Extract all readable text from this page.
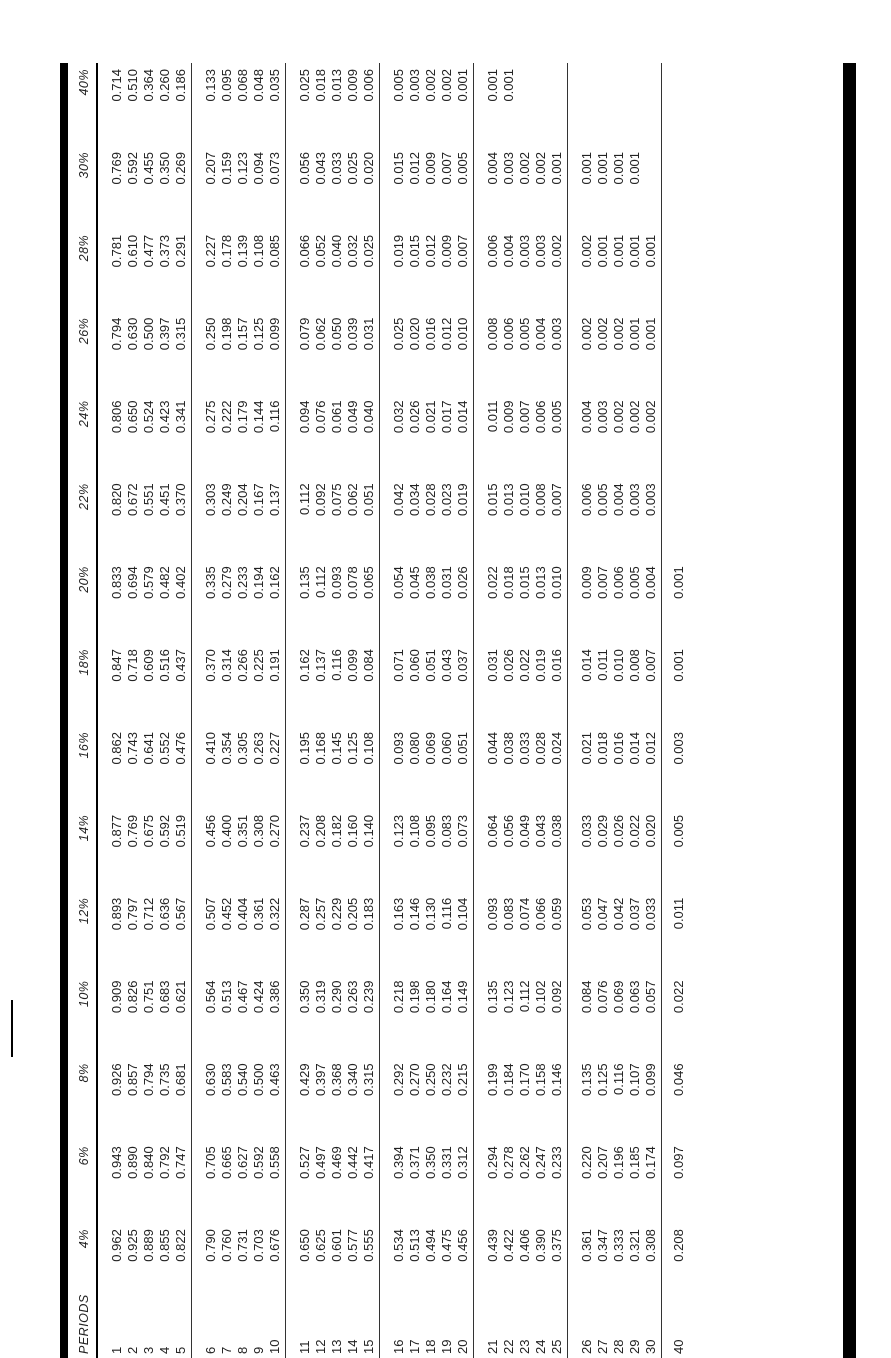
PERIODS	4%	6%	8%	10%	12%	14%	16%	18%	20%	22%	24%	26%	28%	30%	40%
1	0.962	0.943	0.926	0.909	0.893	0.877	0.862	0.847	0.833	0.820	0.806	0.794	0.781	0.769	0.714
2	0.925	0.890	0.857	0.826	0.797	0.769	0.743	0.718	0.694	0.672	0.650	0.630	0.610	0.592	0.510
3	0.889	0.840	0.794	0.751	0.712	0.675	0.641	0.609	0.579	0.551	0.524	0.500	0.477	0.455	0.364
4	0.855	0.792	0.735	0.683	0.636	0.592	0.552	0.516	0.482	0.451	0.423	0.397	0.373	0.350	0.260
5	0.822	0.747	0.681	0.621	0.567	0.519	0.476	0.437	0.402	0.370	0.341	0.315	0.291	0.269	0.186
6	0.790	0.705	0.630	0.564	0.507	0.456	0.410	0.370	0.335	0.303	0.275	0.250	0.227	0.207	0.133
7	0.760	0.665	0.583	0.513	0.452	0.400	0.354	0.314	0.279	0.249	0.222	0.198	0.178	0.159	0.095
8	0.731	0.627	0.540	0.467	0.404	0.351	0.305	0.266	0.233	0.204	0.179	0.157	0.139	0.123	0.068
9	0.703	0.592	0.500	0.424	0.361	0.308	0.263	0.225	0.194	0.167	0.144	0.125	0.108	0.094	0.048
10	0.676	0.558	0.463	0.386	0.322	0.270	0.227	0.191	0.162	0.137	0.116	0.099	0.085	0.073	0.035
11	0.650	0.527	0.429	0.350	0.287	0.237	0.195	0.162	0.135	0.112	0.094	0.079	0.066	0.056	0.025
12	0.625	0.497	0.397	0.319	0.257	0.208	0.168	0.137	0.112	0.092	0.076	0.062	0.052	0.043	0.018
13	0.601	0.469	0.368	0.290	0.229	0.182	0.145	0.116	0.093	0.075	0.061	0.050	0.040	0.033	0.013
14	0.577	0.442	0.340	0.263	0.205	0.160	0.125	0.099	0.078	0.062	0.049	0.039	0.032	0.025	0.009
15	0.555	0.417	0.315	0.239	0.183	0.140	0.108	0.084	0.065	0.051	0.040	0.031	0.025	0.020	0.006
16	0.534	0.394	0.292	0.218	0.163	0.123	0.093	0.071	0.054	0.042	0.032	0.025	0.019	0.015	0.005
17	0.513	0.371	0.270	0.198	0.146	0.108	0.080	0.060	0.045	0.034	0.026	0.020	0.015	0.012	0.003
18	0.494	0.350	0.250	0.180	0.130	0.095	0.069	0.051	0.038	0.028	0.021	0.016	0.012	0.009	0.002
19	0.475	0.331	0.232	0.164	0.116	0.083	0.060	0.043	0.031	0.023	0.017	0.012	0.009	0.007	0.002
20	0.456	0.312	0.215	0.149	0.104	0.073	0.051	0.037	0.026	0.019	0.014	0.010	0.007	0.005	0.001
21	0.439	0.294	0.199	0.135	0.093	0.064	0.044	0.031	0.022	0.015	0.011	0.008	0.006	0.004	0.001
22	0.422	0.278	0.184	0.123	0.083	0.056	0.038	0.026	0.018	0.013	0.009	0.006	0.004	0.003	0.001
23	0.406	0.262	0.170	0.112	0.074	0.049	0.033	0.022	0.015	0.010	0.007	0.005	0.003	0.002	
24	0.390	0.247	0.158	0.102	0.066	0.043	0.028	0.019	0.013	0.008	0.006	0.004	0.003	0.002	
25	0.375	0.233	0.146	0.092	0.059	0.038	0.024	0.016	0.010	0.007	0.005	0.003	0.002	0.001	
26	0.361	0.220	0.135	0.084	0.053	0.033	0.021	0.014	0.009	0.006	0.004	0.002	0.002	0.001	
27	0.347	0.207	0.125	0.076	0.047	0.029	0.018	0.011	0.007	0.005	0.003	0.002	0.001	0.001	
28	0.333	0.196	0.116	0.069	0.042	0.026	0.016	0.010	0.006	0.004	0.002	0.002	0.001	0.001	
29	0.321	0.185	0.107	0.063	0.037	0.022	0.014	0.008	0.005	0.003	0.002	0.001	0.001	0.001	
30	0.308	0.174	0.099	0.057	0.033	0.020	0.012	0.007	0.004	0.003	0.002	0.001	0.001		
40	0.208	0.097	0.046	0.022	0.011	0.005	0.003	0.001	0.001						
